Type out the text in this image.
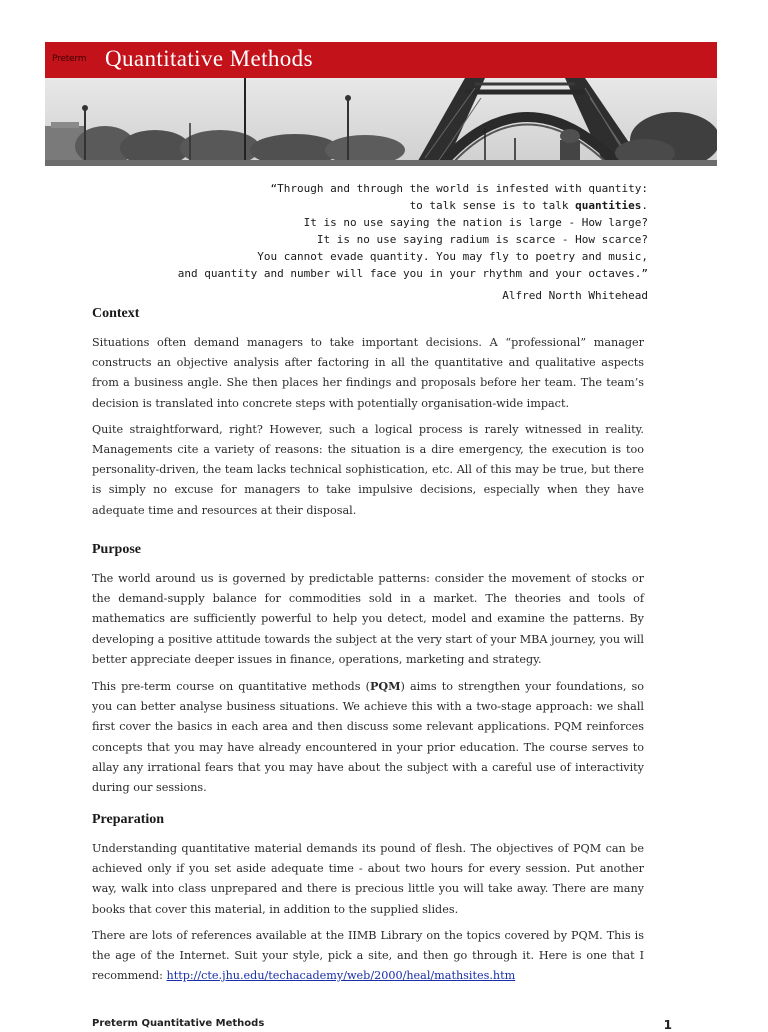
Preterm Quantitative Methods
“Through and through the world is infested with quantity:
to talk sense is to talk quantities.
It is no use saying the nation is large - How large?
It is no use saying radium is scarce - How scarce?
You cannot evade quantity. You may fly to poetry and music,
and quantity and number will face you in your rhythm and your octaves.”
Alfred North Whitehead
Context

Situations often demand managers to take important decisions. A “professional” manager constructs an objective analysis after factoring in all the quantitative and qualitative aspects from a business angle. She then places her findings and proposals before her team. The team’s decision is translated into concrete steps with potentially organisation-wide impact.

Quite straightforward, right? However, such a logical process is rarely witnessed in reality. Managements cite a variety of reasons: the situation is a dire emergency, the execution is too personality-driven, the team lacks technical sophistication, etc. All of this may be true, but there is simply no excuse for managers to take impulsive decisions, especially when they have adequate time and resources at their disposal.

Purpose

The world around us is governed by predictable patterns: consider the movement of stocks or the demand-supply balance for commodities sold in a market. The theories and tools of mathematics are sufficiently powerful to help you detect, model and examine the patterns. By developing a positive attitude towards the subject at the very start of your MBA journey, you will better appreciate deeper issues in finance, operations, marketing and strategy.

This pre-term course on quantitative methods (PQM) aims to strengthen your foundations, so you can better analyse business situations. We achieve this with a two-stage approach: we shall first cover the basics in each area and then discuss some relevant applications. PQM reinforces concepts that you may have already encountered in your prior education. The course serves to allay any irrational fears that you may have about the subject with a careful use of interactivity during our sessions.

Preparation

Understanding quantitative material demands its pound of flesh. The objectives of PQM can be achieved only if you set aside adequate time - about two hours for every session. Put another way, walk into class unprepared and there is precious little you will take away. There are many books that cover this material, in addition to the supplied slides.

There are lots of references available at the IIMB Library on the topics covered by PQM. This is the age of the Internet. Suit your style, pick a site, and then go through it. Here is one that I recommend: http://cte.jhu.edu/techacademy/web/2000/heal/mathsites.htm

Preterm Quantitative Methods	1
